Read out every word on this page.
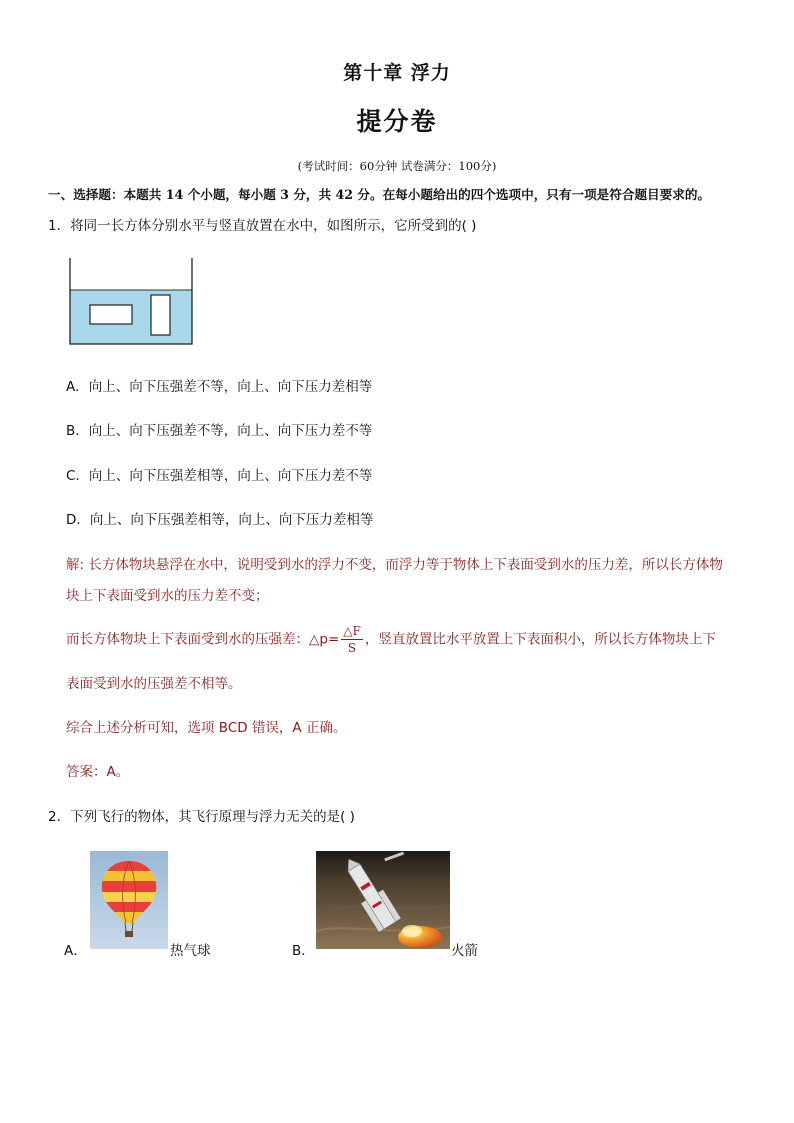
第十章 浮力
提分卷
(考试时间：60分钟 试卷满分：100分)
一、选择题：本题共 14 个小题，每小题 3 分，共 42 分。在每小题给出的四个选项中，只有一项是符合题目要求的。
1．将同一长方体分别水平与竖直放置在水中，如图所示，它所受到的( )
A．向上、向下压强差不等，向上、向下压力差相等
B．向上、向下压强差不等，向上、向下压力差不等
C．向上、向下压强差相等，向上、向下压力差不等
D．向上、向下压强差相等，向上、向下压力差相等
解: 长方体物块悬浮在水中，说明受到水的浮力不变，而浮力等于物体上下表面受到水的压力差，所以长方体物
块上下表面受到水的压力差不变；
而长方体物块上下表面受到水的压强差：△p= $\frac{\triangle F}{S}$ ，竖直放置比水平放置上下表面积小，所以长方体物块上下
表面受到水的压强差不相等。
综合上述分析可知，选项 BCD 错误，A 正确。
答案：A。
2．下列飞行的物体，其飞行原理与浮力无关的是( )
A．	热气球	B．	火箭
